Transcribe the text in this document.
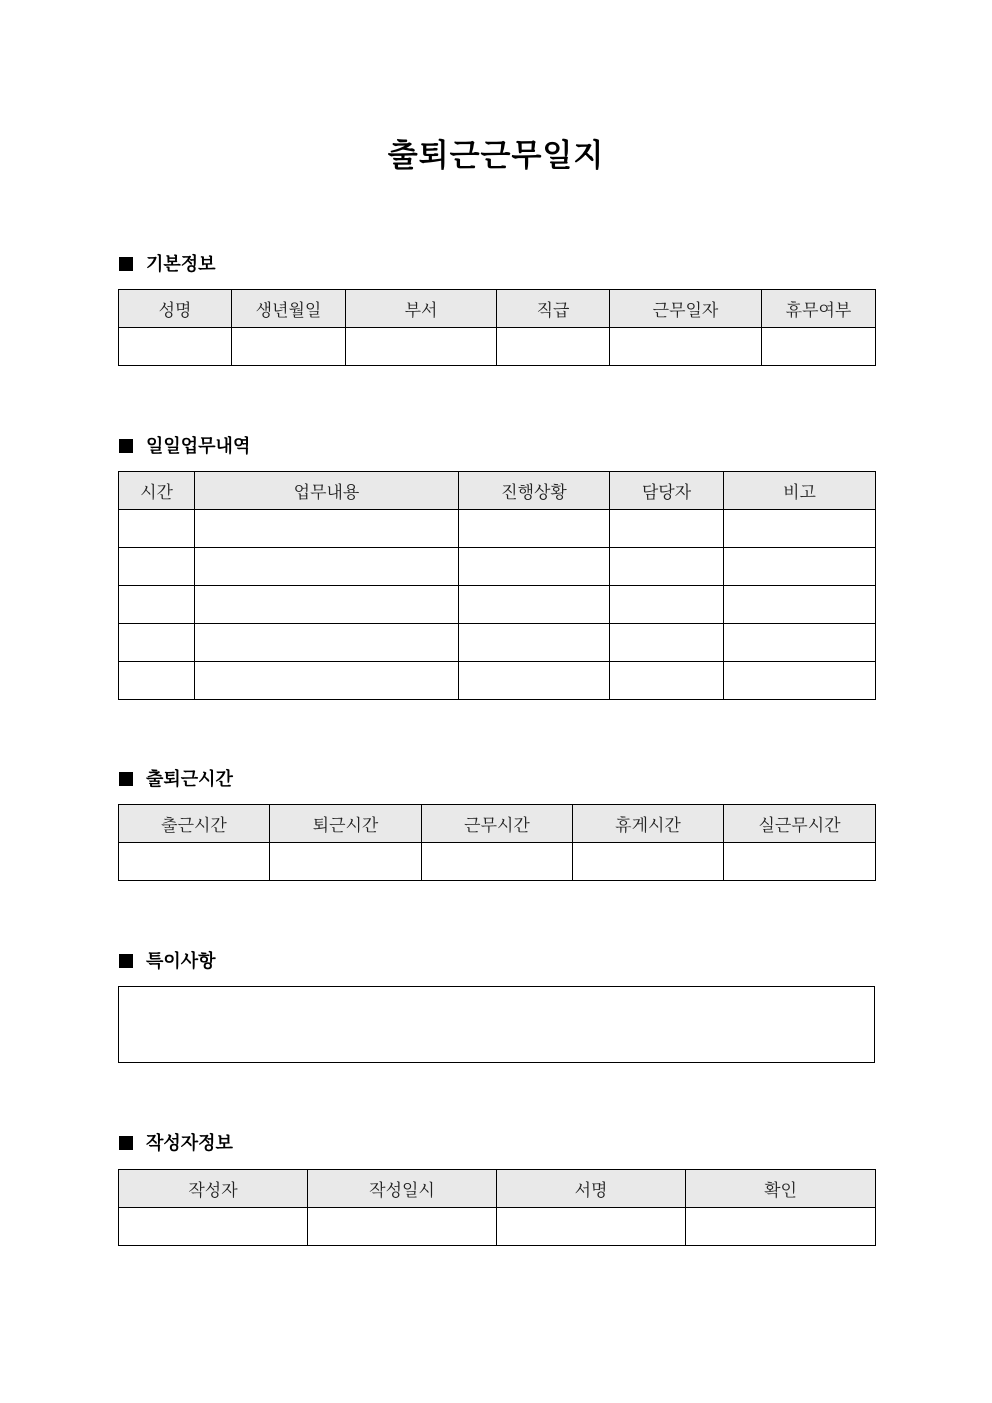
출퇴근근무일지
기본정보
성명	생년월일	부서	직급	근무일자	휴무여부

일일업무내역
시간	업무내용	진행상황	담당자	비고

출퇴근시간
출근시간	퇴근시간	근무시간	휴게시간	실근무시간

특이사항
작성자정보
작성자	작성일시	서명	확인
